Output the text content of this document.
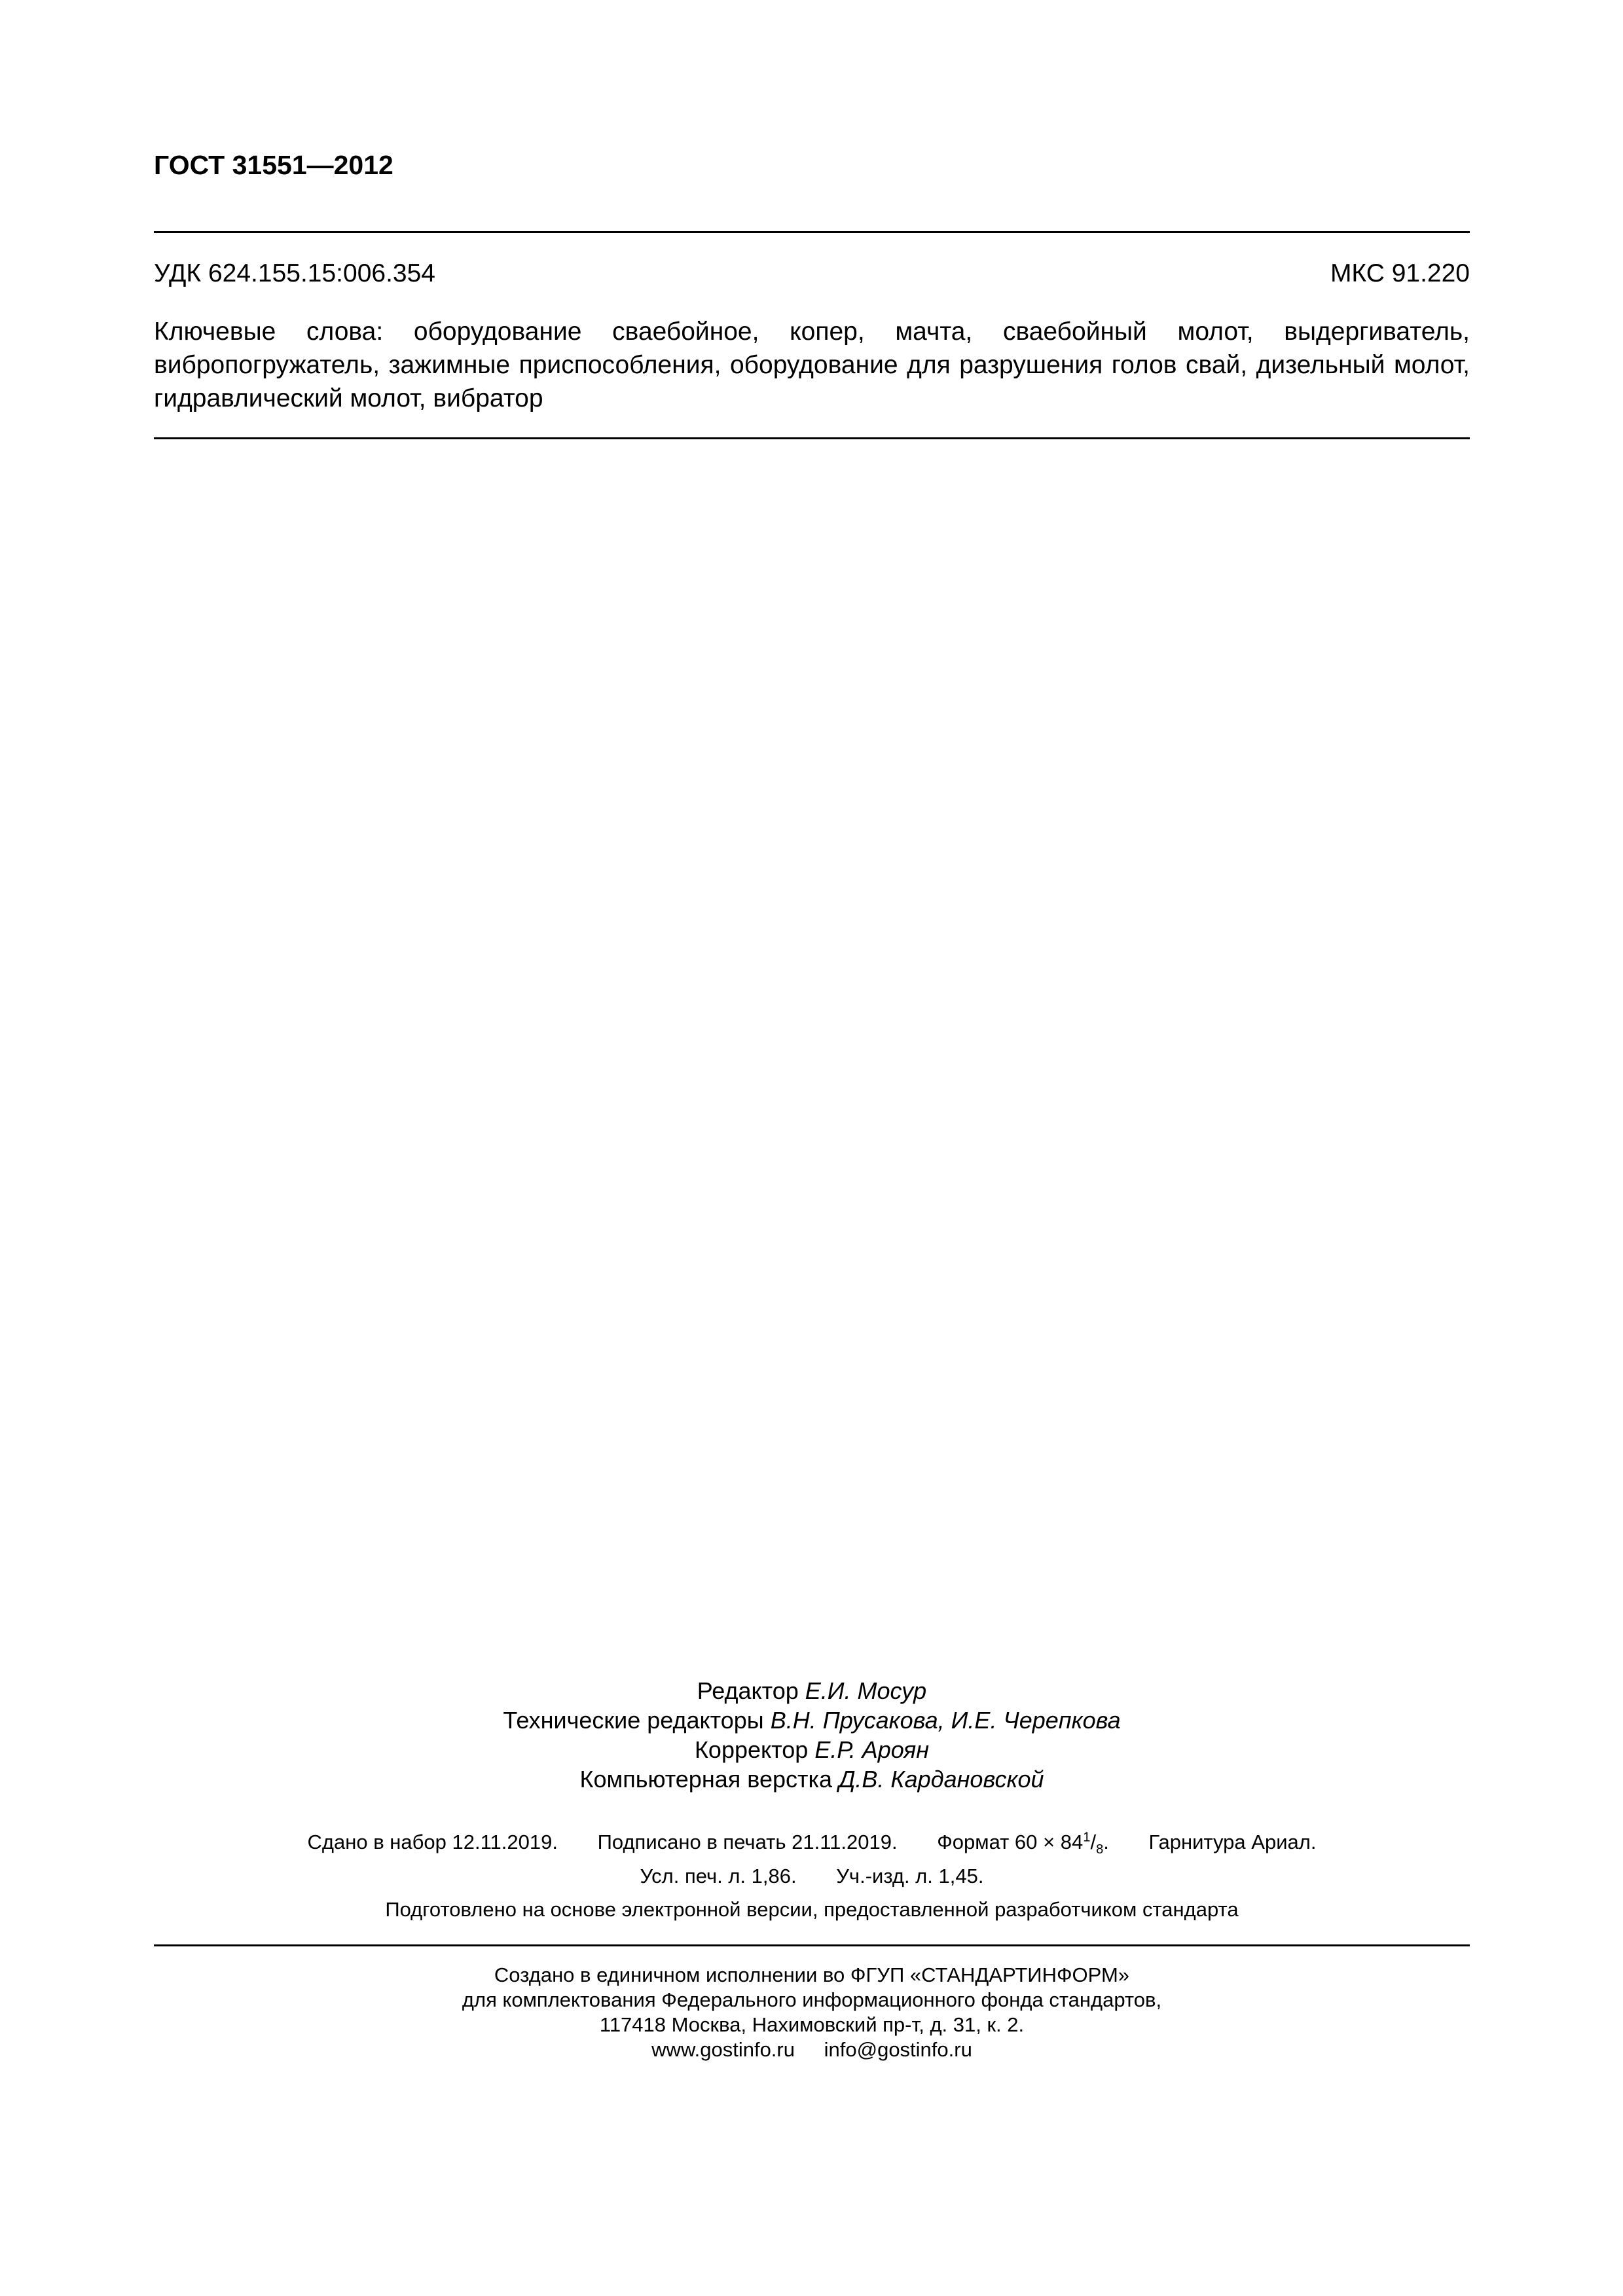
ГОСТ 31551—2012
УДК 624.155.15:006.354	МКС 91.220
Ключевые слова: оборудование сваебойное, копер, мачта, сваебойный молот, выдергиватель, вибропогружатель, зажимные приспособления, оборудование для разрушения голов свай, дизельный молот, гидравлический молот, вибратор
Редактор Е.И. Мосур
Технические редакторы В.Н. Прусакова, И.Е. Черепкова
Корректор Е.Р. Ароян
Компьютерная верстка Д.В. Кардановской
Сдано в набор 12.11.2019. Подписано в печать 21.11.2019. Формат $60 \times 84^1/_8$. Гарнитура Ариал.
Усл. печ. л. 1,86. Уч.-изд. л. 1,45.
Подготовлено на основе электронной версии, предоставленной разработчиком стандарта
Создано в единичном исполнении во ФГУП «СТАНДАРТИНФОРМ»
для комплектования Федерального информационного фонда стандартов,
117418 Москва, Нахимовский пр-т, д. 31, к. 2.
www.gostinfo.ru info@gostinfo.ru
